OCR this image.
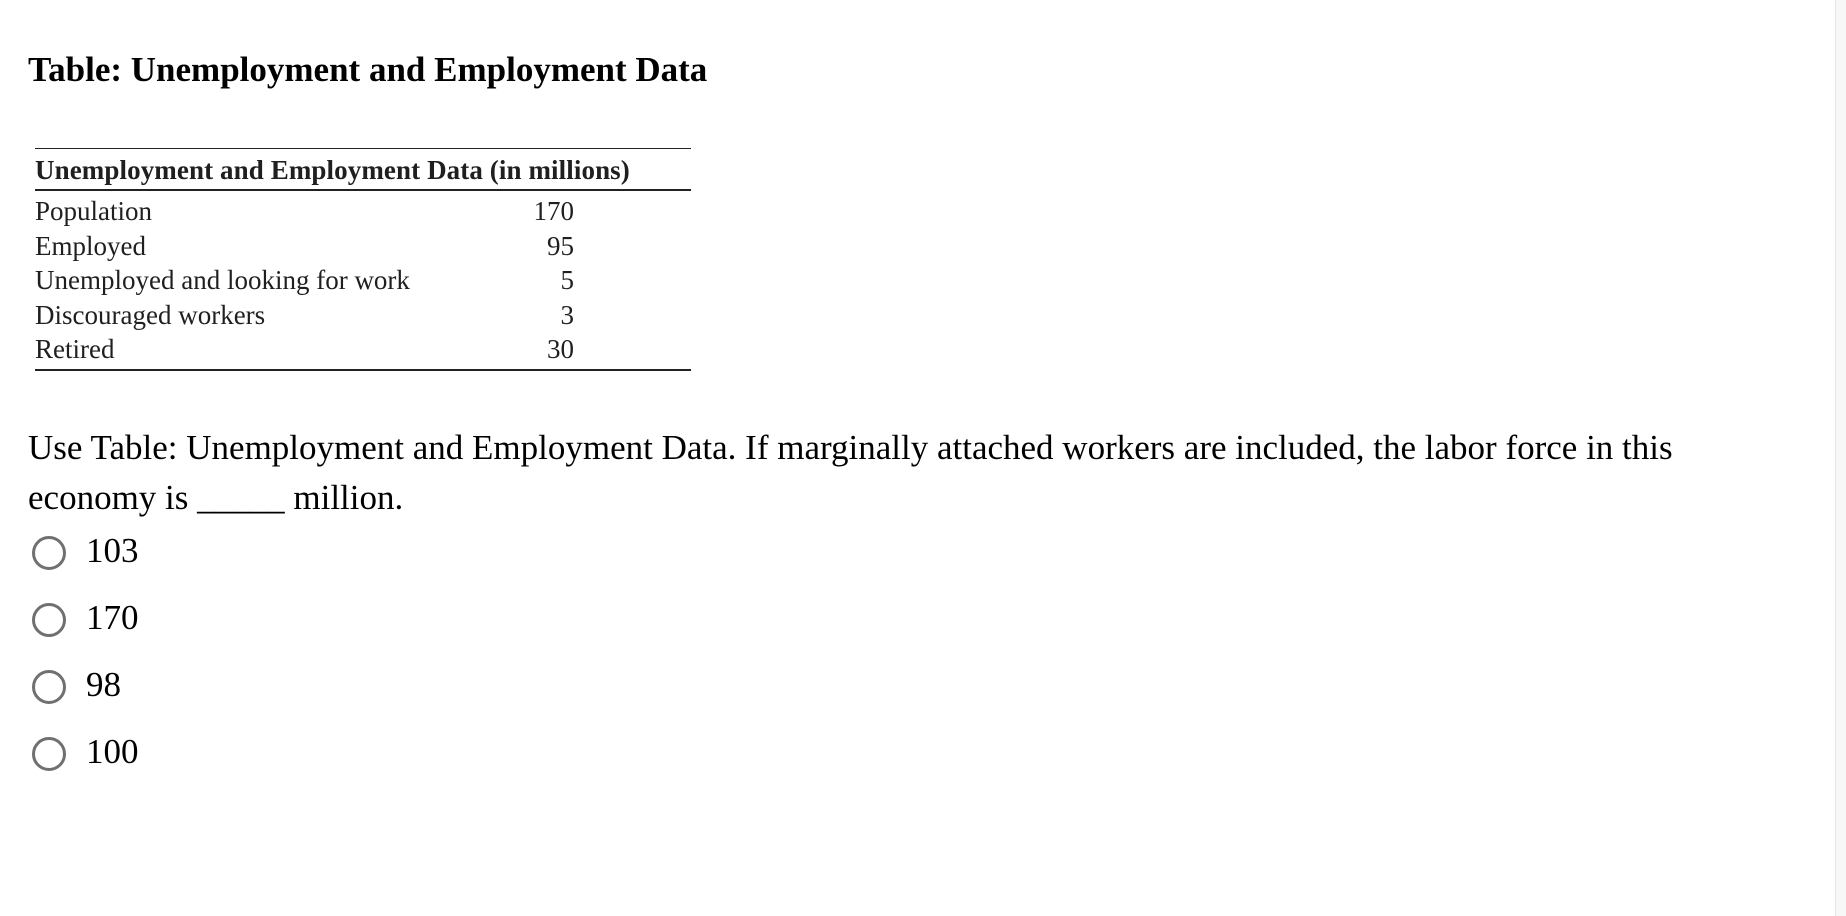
Table: Unemployment and Employment Data
Unemployment and Employment Data (in millions)
Population	170
Employed	95
Unemployed and looking for work	5
Discouraged workers	3
Retired	30

Use Table: Unemployment and Employment Data. If marginally attached workers are included, the labor force in this economy is _____ million.

103
170
98
100
